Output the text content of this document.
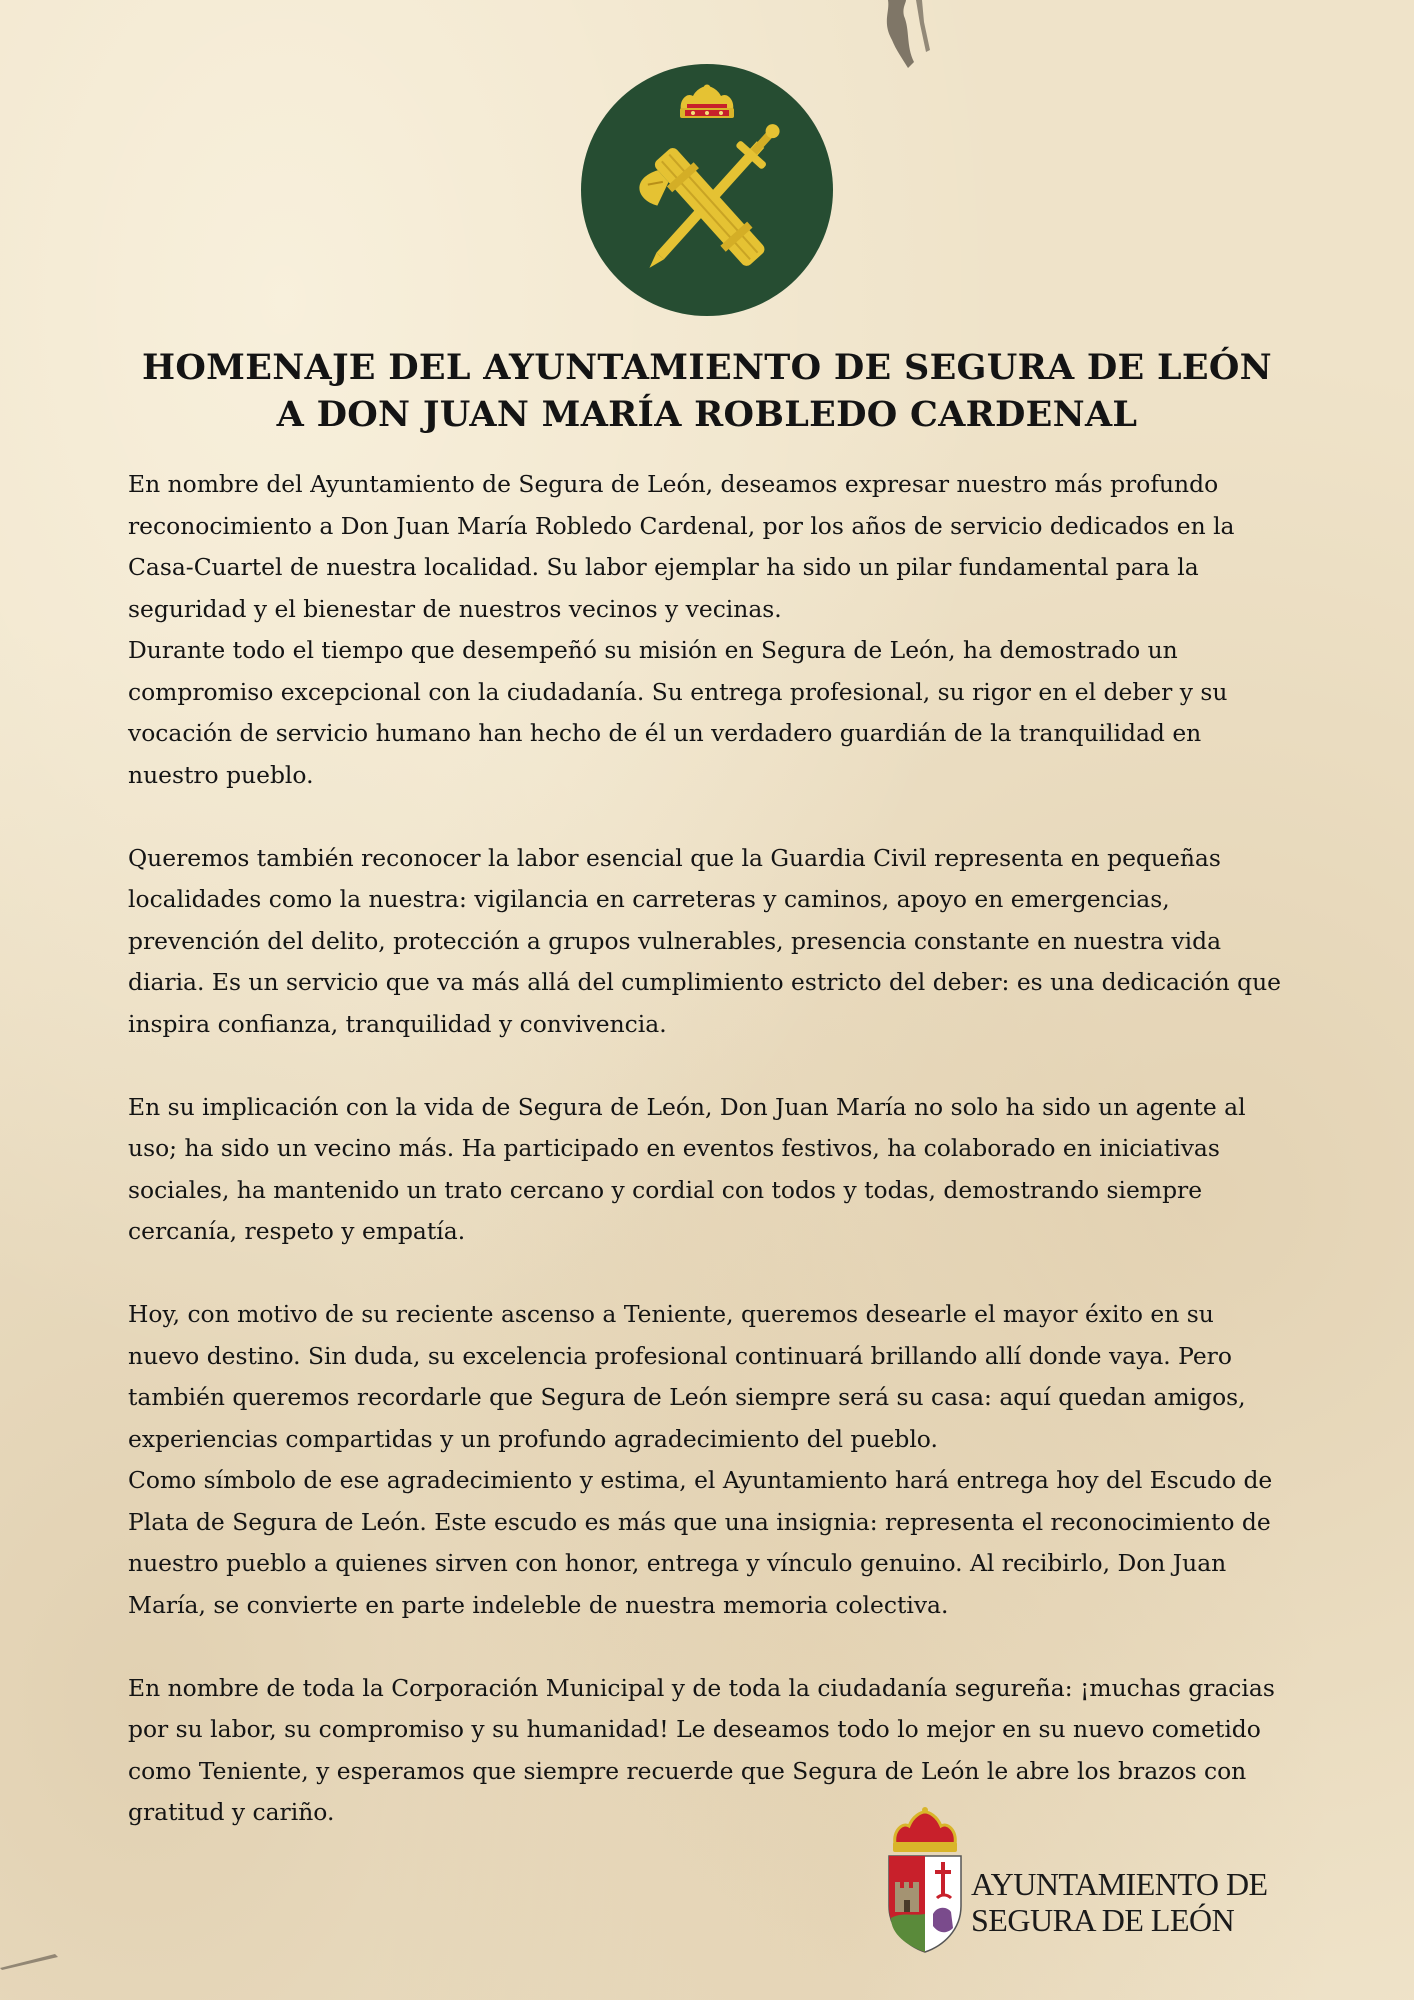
HOMENAJE DEL AYUNTAMIENTO DE SEGURA DE LEÓN
A DON JUAN MARÍA ROBLEDO CARDENAL

En nombre del Ayuntamiento de Segura de León, deseamos expresar nuestro más profundo reconocimiento a Don Juan María Robledo Cardenal, por los años de servicio dedicados en la Casa-Cuartel de nuestra localidad. Su labor ejemplar ha sido un pilar fundamental para la seguridad y el bienestar de nuestros vecinos y vecinas.

Durante todo el tiempo que desempeñó su misión en Segura de León, ha demostrado un compromiso excepcional con la ciudadanía. Su entrega profesional, su rigor en el deber y su vocación de servicio humano han hecho de él un verdadero guardián de la tranquilidad en nuestro pueblo.

Queremos también reconocer la labor esencial que la Guardia Civil representa en pequeñas localidades como la nuestra: vigilancia en carreteras y caminos, apoyo en emergencias, prevención del delito, protección a grupos vulnerables, presencia constante en nuestra vida diaria. Es un servicio que va más allá del cumplimiento estricto del deber: es una dedicación que inspira confianza, tranquilidad y convivencia.

En su implicación con la vida de Segura de León, Don Juan María no solo ha sido un agente al uso; ha sido un vecino más. Ha participado en eventos festivos, ha colaborado en iniciativas sociales, ha mantenido un trato cercano y cordial con todos y todas, demostrando siempre cercanía, respeto y empatía.

Hoy, con motivo de su reciente ascenso a Teniente, queremos desearle el mayor éxito en su nuevo destino. Sin duda, su excelencia profesional continuará brillando allí donde vaya. Pero también queremos recordarle que Segura de León siempre será su casa: aquí quedan amigos, experiencias compartidas y un profundo agradecimiento del pueblo.

Como símbolo de ese agradecimiento y estima, el Ayuntamiento hará entrega hoy del Escudo de Plata de Segura de León. Este escudo es más que una insignia: representa el reconocimiento de nuestro pueblo a quienes sirven con honor, entrega y vínculo genuino. Al recibirlo, Don Juan María, se convierte en parte indeleble de nuestra memoria colectiva.

En nombre de toda la Corporación Municipal y de toda la ciudadanía segureña: ¡muchas gracias por su labor, su compromiso y su humanidad! Le deseamos todo lo mejor en su nuevo cometido como Teniente, y esperamos que siempre recuerde que Segura de León le abre los brazos con gratitud y cariño.

AYUNTAMIENTO DE
SEGURA DE LEÓN
